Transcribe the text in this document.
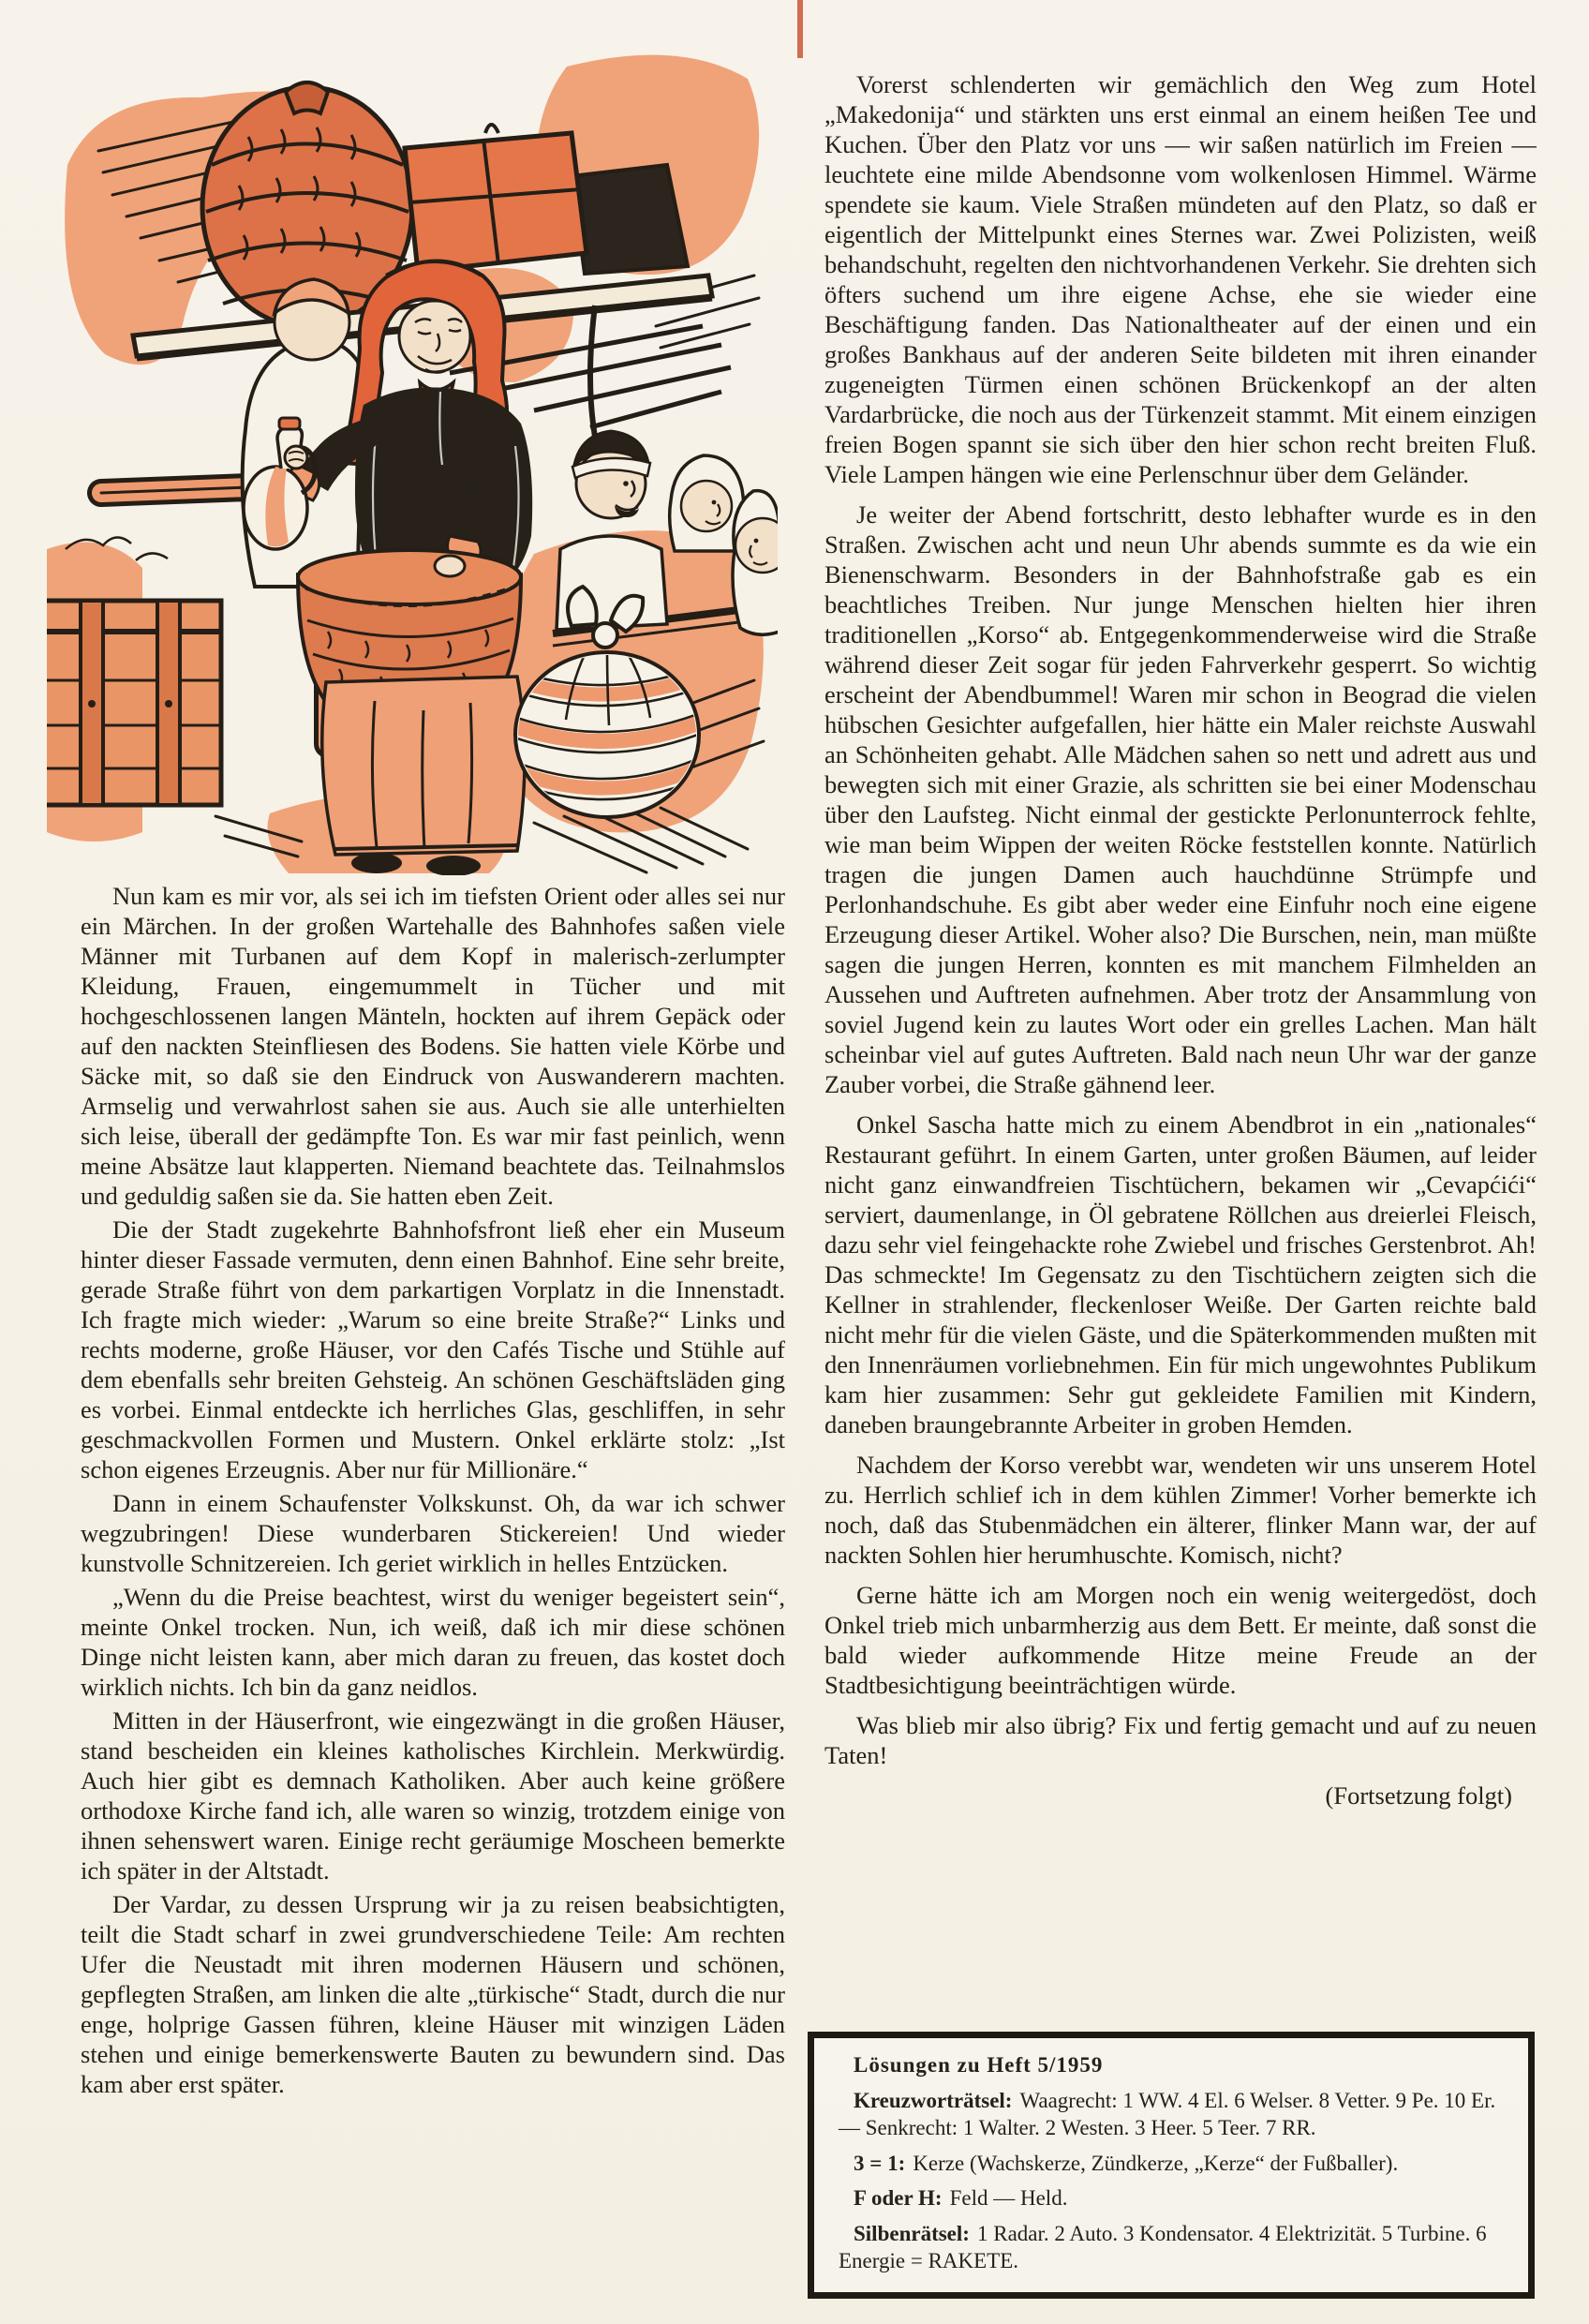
Nun kam es mir vor, als sei ich im tiefsten Orient oder alles sei nur ein Märchen. In der großen Wartehalle des Bahnhofes saßen viele Männer mit Turbanen auf dem Kopf in malerisch-zerlumpter Kleidung, Frauen, eingemummelt in Tücher und mit hochgeschlossenen langen Mänteln, hockten auf ihrem Gepäck oder auf den nackten Steinfliesen des Bodens. Sie hatten viele Körbe und Säcke mit, so daß sie den Eindruck von Auswanderern machten. Armselig und verwahrlost sahen sie aus. Auch sie alle unterhielten sich leise, überall der gedämpfte Ton. Es war mir fast peinlich, wenn meine Absätze laut klapperten. Niemand beachtete das. Teilnahmslos und geduldig saßen sie da. Sie hatten eben Zeit.

Die der Stadt zugekehrte Bahnhofsfront ließ eher ein Museum hinter dieser Fassade vermuten, denn einen Bahnhof. Eine sehr breite, gerade Straße führt von dem parkartigen Vorplatz in die Innenstadt. Ich fragte mich wieder: „Warum so eine breite Straße?“ Links und rechts moderne, große Häuser, vor den Cafés Tische und Stühle auf dem ebenfalls sehr breiten Gehsteig. An schönen Geschäftsläden ging es vorbei. Einmal entdeckte ich herrliches Glas, geschliffen, in sehr geschmackvollen Formen und Mustern. Onkel erklärte stolz: „Ist schon eigenes Erzeugnis. Aber nur für Millionäre.“

Dann in einem Schaufenster Volkskunst. Oh, da war ich schwer wegzubringen! Diese wunderbaren Stickereien! Und wieder kunstvolle Schnitzereien. Ich geriet wirklich in helles Entzücken.

„Wenn du die Preise beachtest, wirst du weniger begeistert sein“, meinte Onkel trocken. Nun, ich weiß, daß ich mir diese schönen Dinge nicht leisten kann, aber mich daran zu freuen, das kostet doch wirklich nichts. Ich bin da ganz neidlos.

Mitten in der Häuserfront, wie eingezwängt in die großen Häuser, stand bescheiden ein kleines katholisches Kirchlein. Merkwürdig. Auch hier gibt es demnach Katholiken. Aber auch keine größere orthodoxe Kirche fand ich, alle waren so winzig, trotzdem einige von ihnen sehenswert waren. Einige recht geräumige Moscheen bemerkte ich später in der Altstadt.

Der Vardar, zu dessen Ursprung wir ja zu reisen beabsichtigten, teilt die Stadt scharf in zwei grundverschiedene Teile: Am rechten Ufer die Neustadt mit ihren modernen Häusern und schönen, gepflegten Straßen, am linken die alte „türkische“ Stadt, durch die nur enge, holprige Gassen führen, kleine Häuser mit winzigen Läden stehen und einige bemerkenswerte Bauten zu bewundern sind. Das kam aber erst später.

Vorerst schlenderten wir gemächlich den Weg zum Hotel „Makedonija“ und stärkten uns erst einmal an einem heißen Tee und Kuchen. Über den Platz vor uns — wir saßen natürlich im Freien — leuchtete eine milde Abendsonne vom wolkenlosen Himmel. Wärme spendete sie kaum. Viele Straßen mündeten auf den Platz, so daß er eigentlich der Mittelpunkt eines Sternes war. Zwei Polizisten, weiß behandschuht, regelten den nichtvorhandenen Verkehr. Sie drehten sich öfters suchend um ihre eigene Achse, ehe sie wieder eine Beschäftigung fanden. Das Nationaltheater auf der einen und ein großes Bankhaus auf der anderen Seite bildeten mit ihren einander zugeneigten Türmen einen schönen Brückenkopf an der alten Vardarbrücke, die noch aus der Türkenzeit stammt. Mit einem einzigen freien Bogen spannt sie sich über den hier schon recht breiten Fluß. Viele Lampen hängen wie eine Perlenschnur über dem Geländer.

Je weiter der Abend fortschritt, desto lebhafter wurde es in den Straßen. Zwischen acht und neun Uhr abends summte es da wie ein Bienenschwarm. Besonders in der Bahnhofstraße gab es ein beachtliches Treiben. Nur junge Menschen hielten hier ihren traditionellen „Korso“ ab. Entgegenkommenderweise wird die Straße während dieser Zeit sogar für jeden Fahrverkehr gesperrt. So wichtig erscheint der Abendbummel! Waren mir schon in Beograd die vielen hübschen Gesichter aufgefallen, hier hätte ein Maler reichste Auswahl an Schönheiten gehabt. Alle Mädchen sahen so nett und adrett aus und bewegten sich mit einer Grazie, als schritten sie bei einer Modenschau über den Laufsteg. Nicht einmal der gestickte Perlonunterrock fehlte, wie man beim Wippen der weiten Röcke feststellen konnte. Natürlich tragen die jungen Damen auch hauchdünne Strümpfe und Perlonhandschuhe. Es gibt aber weder eine Einfuhr noch eine eigene Erzeugung dieser Artikel. Woher also? Die Burschen, nein, man müßte sagen die jungen Herren, konnten es mit manchem Filmhelden an Aussehen und Auftreten aufnehmen. Aber trotz der Ansammlung von soviel Jugend kein zu lautes Wort oder ein grelles Lachen. Man hält scheinbar viel auf gutes Auftreten. Bald nach neun Uhr war der ganze Zauber vorbei, die Straße gähnend leer.

Onkel Sascha hatte mich zu einem Abendbrot in ein „nationales“ Restaurant geführt. In einem Garten, unter großen Bäumen, auf leider nicht ganz einwandfreien Tischtüchern, bekamen wir „Cevapćići“ serviert, daumenlange, in Öl gebratene Röllchen aus dreierlei Fleisch, dazu sehr viel feingehackte rohe Zwiebel und frisches Gerstenbrot. Ah! Das schmeckte! Im Gegensatz zu den Tischtüchern zeigten sich die Kellner in strahlender, fleckenloser Weiße. Der Garten reichte bald nicht mehr für die vielen Gäste, und die Späterkommenden mußten mit den Innenräumen vorliebnehmen. Ein für mich ungewohntes Publikum kam hier zusammen: Sehr gut gekleidete Familien mit Kindern, daneben braungebrannte Arbeiter in groben Hemden.

Nachdem der Korso verebbt war, wendeten wir uns unserem Hotel zu. Herrlich schlief ich in dem kühlen Zimmer! Vorher bemerkte ich noch, daß das Stubenmädchen ein älterer, flinker Mann war, der auf nackten Sohlen hier herumhuschte. Komisch, nicht?

Gerne hätte ich am Morgen noch ein wenig weitergedöst, doch Onkel trieb mich unbarmherzig aus dem Bett. Er meinte, daß sonst die bald wieder aufkommende Hitze meine Freude an der Stadtbesichtigung beeinträchtigen würde.

Was blieb mir also übrig? Fix und fertig gemacht und auf zu neuen Taten!

(Fortsetzung folgt)

Lösungen zu Heft 5/1959

Kreuzworträtsel: Waagrecht: 1 WW. 4 El. 6 Welser. 8 Vetter. 9 Pe. 10 Er. — Senkrecht: 1 Walter. 2 Westen. 3 Heer. 5 Teer. 7 RR.

3 = 1: Kerze (Wachskerze, Zündkerze, „Kerze“ der Fußballer).

F oder H: Feld — Held.

Silbenrätsel: 1 Radar. 2 Auto. 3 Kondensator. 4 Elektrizität. 5 Turbine. 6 Energie = RAKETE.
